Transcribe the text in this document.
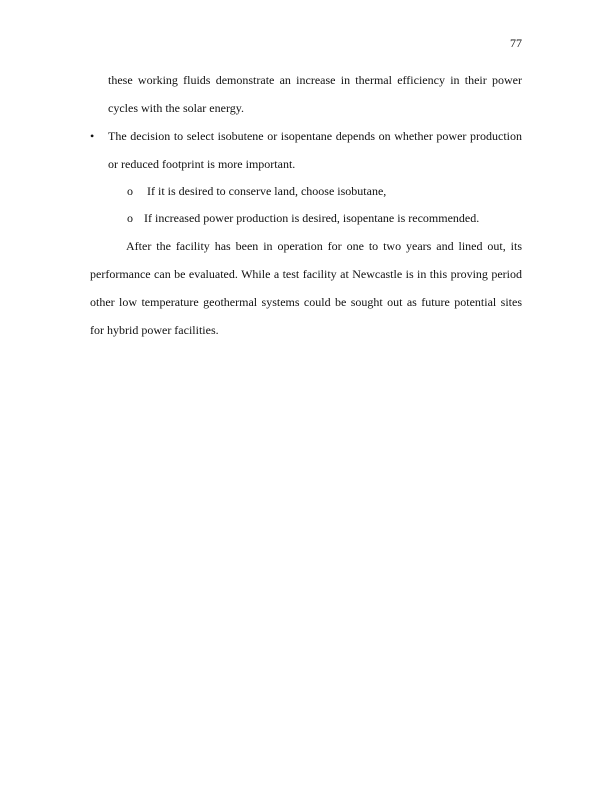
77
these working fluids demonstrate an increase in thermal efficiency in their power
cycles with the solar energy.
• The decision to select isobutene or isopentane depends on whether power production
or reduced footprint is more important.
o If it is desired to conserve land, choose isobutane,
o If increased power production is desired, isopentane is recommended.
After the facility has been in operation for one to two years and lined out, its
performance can be evaluated. While a test facility at Newcastle is in this proving period
other low temperature geothermal systems could be sought out as future potential sites
for hybrid power facilities.
